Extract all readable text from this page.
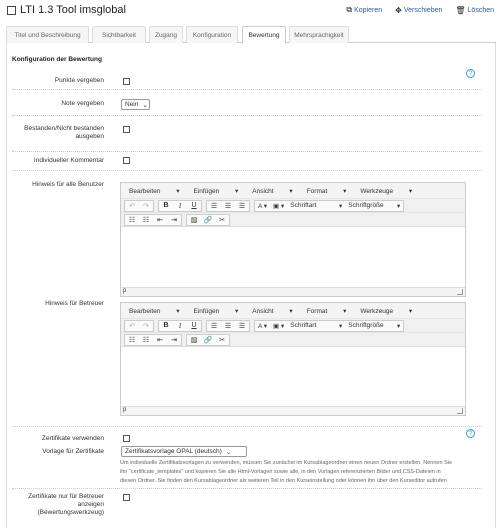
LTI 1.3 Tool imsglobal	⧉ Kopieren ✥ Verschieben 🗑 Löschen
Titel und Beschreibung	Sichtbarkeit	Zugang	Konfiguration	Bewertung	Mehrsprachigkeit
Konfiguration der Bewertung
?
Punkte vergeben
Note vergeben	Nein ⌄
Bestanden/Nicht bestanden
ausgeben
Individueller Kommentar
Hinweis für alle Benutzer
Bearbeiten ▾ Einfügen ▾ Ansicht ▾ Format ▾ Werkzeuge ▾
↶	↷	B	I	U	☰	☰	☰	A ▾ ▣ ▾ Schriftart	▾ Schriftgröße ▾
☷	☷	⇤	⇥	▨ 🔗 ✂
p
Hinweis für Betreuer
Bearbeiten ▾ Einfügen ▾ Ansicht ▾ Format ▾ Werkzeuge ▾
↶	↷	B	I	U	☰	☰	☰	A ▾ ▣ ▾ Schriftart	▾ Schriftgröße ▾
☷	☷	⇤	⇥	▨ 🔗 ✂
p
?
Zertifikate verwenden
Vorlage für Zertifikate	Zertifikatsvorlage OPAL (deutsch) ⌄
Um individuelle Zertifikatsvorlagen zu verwenden, müssen Sie zunächst im Kursablageordner einen neuen Ordner erstellen. Nennen Sie
ihn "certificate_templates" und kopieren Sie alle Html-Vorlagen sowie alle, in den Vorlagen referenzierten Bilder und CSS-Dateien in
diesen Ordner. Sie finden den Kursablageordner als weiteren Teil in den Kurseinstellung oder können ihn über den Kurseditor aufrufen
Zertifikate nur für Betreuer
anzeigen
(Bewertungswerkzeug)
